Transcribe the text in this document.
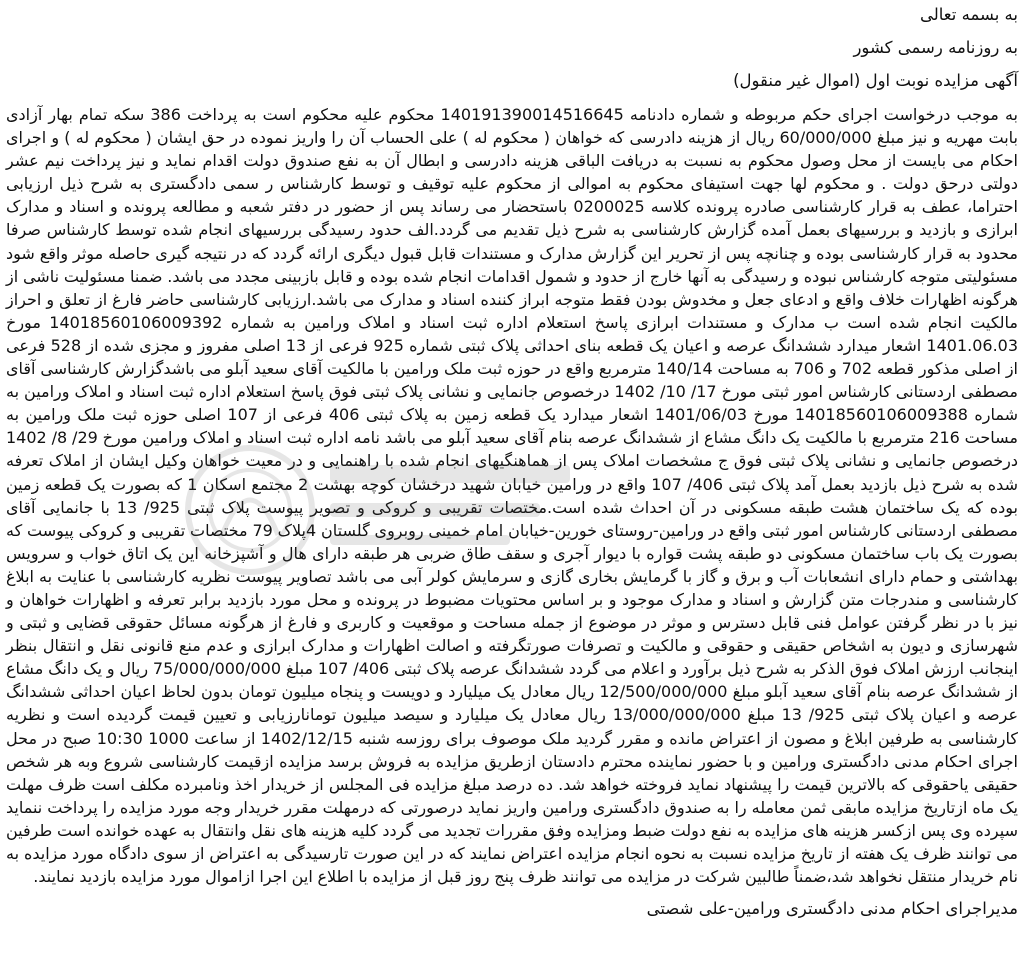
به بسمه تعالی
به روزنامه رسمی کشور
آگهی مزایده نوبت اول (اموال غیر منقول)

به موجب درخواست اجرای حکم مربوطه و شماره دادنامه 140191390014516645 محکوم علیه محکوم است به پرداخت 386 سکه تمام بهار آزادی بابت مهریه و نیز مبلغ 60/000/000 ریال از هزینه دادرسی که خواهان ( محکوم له ) علی الحساب آن را واریز نموده در حق ایشان ( محکوم له ) و اجرای احکام می بایست از محل وصول محکوم به نسبت به دریافت الباقی هزینه دادرسی و ابطال آن به نفع صندوق دولت اقدام نماید و نیز پرداخت نیم عشر دولتی درحق دولت . و محکوم لها جهت استیفای محکوم به اموالی از محکوم علیه توقیف و توسط کارشناس ر سمی دادگستری به شرح ذیل ارزیابی احتراما، عطف به قرار کارشناسی صادره پرونده کلاسه 0200025 باستحضار می رساند پس از حضور در دفتر شعبه و مطالعه پرونده و اسناد و مدارک ابرازی و بازدید و بررسیهای بعمل آمده گزارش کارشناسی به شرح ذیل تقدیم می گردد.الف حدود رسیدگی بررسیهای انجام شده توسط کارشناس صرفا محدود به قرار کارشناسی بوده و چنانچه پس از تحریر این گزارش مدارک و مستندات قابل قبول دیگری ارائه گردد که در نتیجه گیری حاصله موثر واقع شود مسئولیتی متوجه کارشناس نبوده و رسیدگی به آنها خارج از حدود و شمول اقدامات انجام شده بوده و قابل بازبینی مجدد می باشد. ضمنا مسئولیت ناشی از هرگونه اظهارات خلاف واقع و ادعای جعل و مخدوش بودن فقط متوجه ابراز کننده اسناد و مدارک می باشد.ارزیابی کارشناسی حاضر فارغ از تعلق و احراز مالکیت انجام شده است ب مدارک و مستندات ابرازی پاسخ استعلام اداره ثبت اسناد و املاک ورامین به شماره 14018560106009392 مورخ 1401.06.03 اشعار میدارد ششدانگ عرصه و اعیان یک قطعه بنای احداثی پلاک ثبتی شماره 925 فرعی از 13 اصلی مفروز و مجزی شده از 528 فرعی از اصلی مذکور قطعه 702 و 706 به مساحت 140/14 مترمربع واقع در حوزه ثبت ملک ورامین با مالکیت آقای سعید آبلو می باشدگزارش کارشناسی آقای مصطفی اردستانی کارشناس امور ثبتی مورخ 17/ 10/ 1402 درخصوص جانمایی و نشانی پلاک ثبتی فوق پاسخ استعلام اداره ثبت اسناد و املاک ورامین به شماره 14018560106009388 مورخ 1401/06/03 اشعار میدارد یک قطعه زمین به پلاک ثبتی 406 فرعی از 107 اصلی حوزه ثبت ملک ورامین به مساحت 216 مترمربع با مالکیت یک دانگ مشاع از ششدانگ عرصه بنام آقای سعید آبلو می باشد نامه اداره ثبت اسناد و املاک ورامین مورخ 29/ 8/ 1402 درخصوص جانمایی و نشانی پلاک ثبتی فوق ج مشخصات املاک پس از هماهنگیهای انجام شده با راهنمایی و در معیت خواهان وکیل ایشان از املاک تعرفه شده به شرح ذیل بازدید بعمل آمد پلاک ثبتی 406/ 107 واقع در ورامین خیابان شهید درخشان کوچه بهشت 2 مجتمع اسکان 1 که بصورت یک قطعه زمین بوده که یک ساختمان هشت طبقه مسکونی در آن احداث شده است.مختصات تقریبی و کروکی و تصویر پیوست پلاک ثبتی 925/ 13 با جانمایی آقای مصطفی اردستانی کارشناس امور ثبتی واقع در ورامین-روستای خورین-خیابان امام خمینی روبروی گلستان 4پلاک 79 مختصات تقریبی و کروکی پیوست که بصورت یک باب ساختمان مسکونی دو طبقه پشت قواره با دیوار آجری و سقف طاق ضربی هر طبقه دارای هال و آشپزخانه این یک اتاق خواب و سرویس بهداشتی و حمام دارای انشعابات آب و برق و گاز با گرمایش بخاری گازی و سرمایش کولر آبی می باشد تصاویر پیوست نظریه کارشناسی با عنایت به ابلاغ کارشناسی و مندرجات متن گزارش و اسناد و مدارک موجود و بر اساس محتویات مضبوط در پرونده و محل مورد بازدید برابر تعرفه و اظهارات خواهان و نیز با در نظر گرفتن عوامل فنی قابل دسترس و موثر در موضوع از جمله مساحت و موقعیت و کاربری و فارغ از هرگونه مسائل حقوقی قضایی و ثبتی و شهرسازی و دیون به اشخاص حقیقی و حقوقی و مالکیت و تصرفات صورتگرفته و اصالت اظهارات و مدارک ابرازی و عدم منع قانونی نقل و انتقال بنظر اینجانب ارزش املاک فوق الذکر به شرح ذیل برآورد و اعلام می گردد ششدانگ عرصه پلاک ثبتی 406/ 107 مبلغ 75/000/000/000 ریال و یک دانگ مشاع از ششدانگ عرصه بنام آقای سعید آبلو مبلغ 12/500/000/000 ریال معادل یک میلیارد و دویست و پنجاه میلیون تومان بدون لحاظ اعیان احداثی ششدانگ عرصه و اعیان پلاک ثبتی 925/ 13 مبلغ 13/000/000/000 ریال معادل یک میلیارد و سیصد میلیون تومانارزیابی و تعیین قیمت گردیده است و نظریه کارشناسی به طرفین ابلاغ و مصون از اعتراض مانده و مقرر گردید ملک موصوف برای روزسه شنبه 1402/12/15 از ساعت 1000 10:30 صبح در محل اجرای احکام مدنی دادگستری ورامین و با حضور نماینده محترم دادستان ازطریق مزایده به فروش برسد مزایده ازقیمت کارشناسی شروع وبه هر شخص حقیقی یاحقوقی که بالاترین قیمت را پیشنهاد نماید فروخته خواهد شد. ده درصد مبلغ مزایده فی المجلس از خریدار اخذ ونامبرده مکلف است ظرف مهلت یک ماه ازتاریخ مزایده مابقی ثمن معامله را به صندوق دادگستری ورامین واریز نماید درصورتی که درمهلت مقرر خریدار وجه مورد مزایده را پرداخت ننماید سپرده وی پس ازکسر هزینه های مزایده به نفع دولت ضبط ومزایده وفق مقررات تجدید می گردد کلیه هزینه های نقل وانتقال به عهده خوانده است طرفین می توانند ظرف یک هفته از تاریخ مزایده نسبت به نحوه انجام مزایده اعتراض نمایند که در این صورت تارسیدگی به اعتراض از سوی دادگاه مورد مزایده به نام خریدار منتقل نخواهد شد،ضمناً طالبین شرکت در مزایده می توانند ظرف پنج روز قبل از مزایده با اطلاع این اجرا ازاموال مورد مزایده بازدید نمایند.

مدیراجرای احکام مدنی دادگستری ورامین-علی شصتی
